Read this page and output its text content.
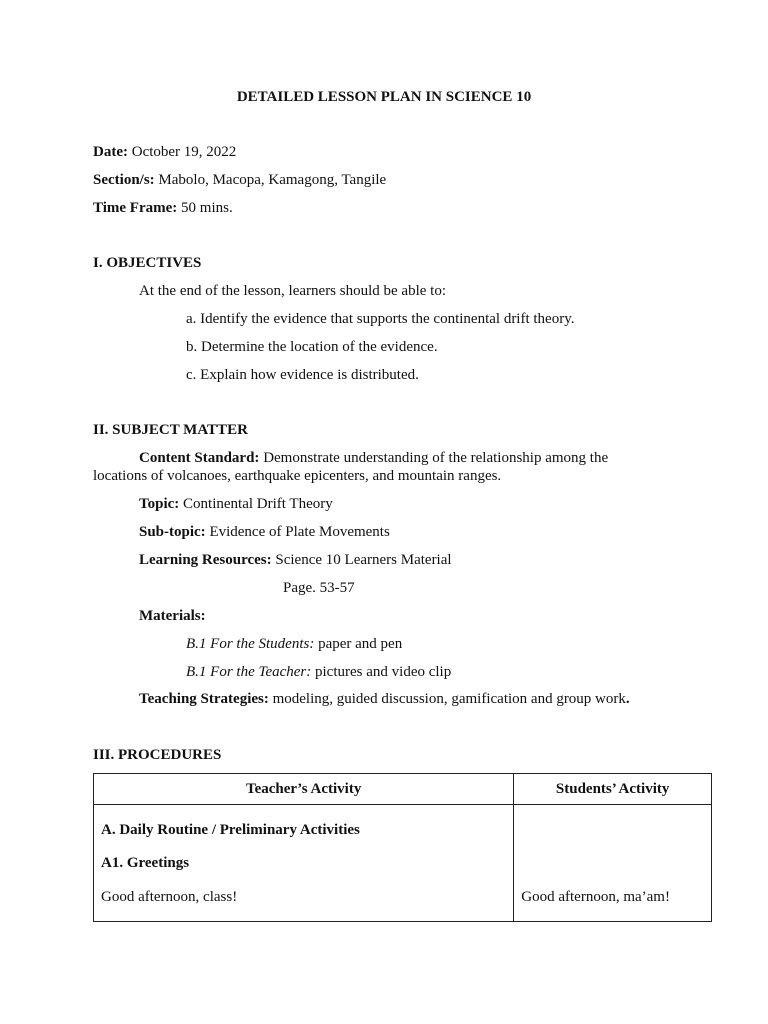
DETAILED LESSON PLAN IN SCIENCE 10
Date: October 19, 2022
Section/s: Mabolo, Macopa, Kamagong, Tangile
Time Frame: 50 mins.
I. OBJECTIVES
At the end of the lesson, learners should be able to:
a. Identify the evidence that supports the continental drift theory.
b. Determine the location of the evidence.
c. Explain how evidence is distributed.
II. SUBJECT MATTER
Content Standard: Demonstrate understanding of the relationship among the locations of volcanoes, earthquake epicenters, and mountain ranges.
Topic: Continental Drift Theory
Sub-topic: Evidence of Plate Movements
Learning Resources: Science 10 Learners Material
Page. 53-57
Materials:
B.1 For the Students: paper and pen
B.1 For the Teacher: pictures and video clip
Teaching Strategies: modeling, guided discussion, gamification and group work.
III. PROCEDURES
Teacher’s Activity	Students’ Activity

A. Daily Routine / Preliminary Activities
A1. Greetings
Good afternoon, class!	Good afternoon, ma’am!
